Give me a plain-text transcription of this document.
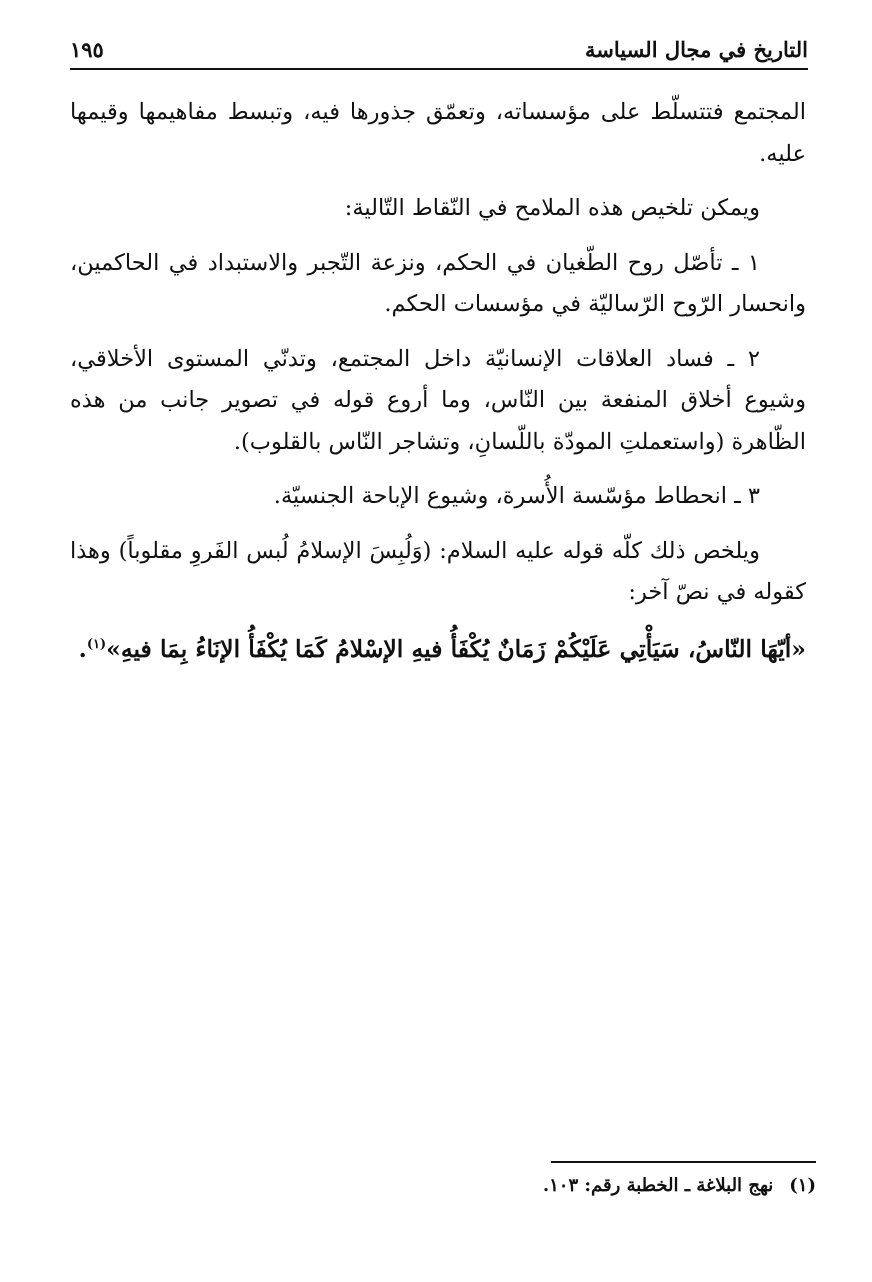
التاريخ في مجال السياسة
١٩٥

المجتمع فتتسلّط على مؤسساته، وتعمّق جذورها فيه، وتبسط مفاهيمها وقيمها عليه.

ويمكن تلخيص هذه الملامح في النّقاط التّالية:

١ ـ تأصّل روح الطّغيان في الحكم، ونزعة التّجبر والاستبداد في الحاكمين، وانحسار الرّوح الرّساليّة في مؤسسات الحكم.

٢ ـ فساد العلاقات الإنسانيّة داخل المجتمع، وتدنّي المستوى الأخلاقي، وشيوع أخلاق المنفعة بين النّاس، وما أروع قوله في تصوير جانب من هذه الظّاهرة (واستعملتِ المودّة باللّسانِ، وتشاجر النّاس بالقلوب).

٣ ـ انحطاط مؤسّسة الأُسرة، وشيوع الإباحة الجنسيّة.

ويلخص ذلك كلّه قوله عليه السلام: (وَلُبِسَ الإسلامُ لُبس الفَروِ مقلوباً) وهذا كقوله في نصّ آخر:

«أيّهَا النّاسُ، سَيَأْتِي عَلَيْكُمْ زَمَانٌ يُكْفَأُ فيهِ الإسْلامُ كَمَا يُكْفَأُ الإنَاءُ بِمَا فيهِ»$^{(١)}$.

(١)نهج البلاغة ـ الخطبة رقم: ١٠٣.
